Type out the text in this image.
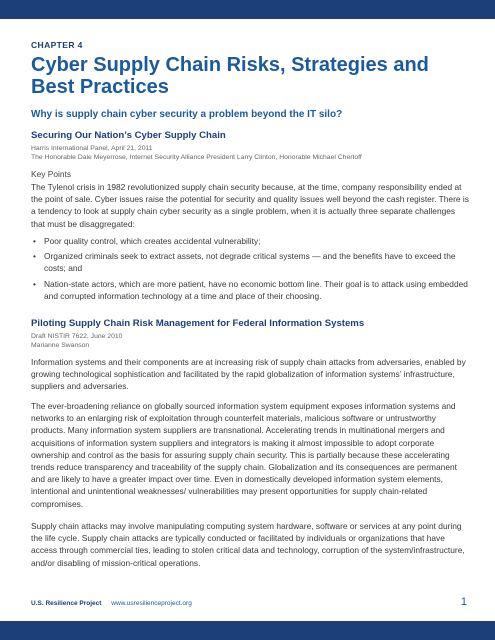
CHAPTER 4
Cyber Supply Chain Risks, Strategies and Best Practices
Why is supply chain cyber security a problem beyond the IT silo?
Securing Our Nation’s Cyber Supply Chain
Harris International Panel, April 21, 2011
The Honorable Dale Meyerrose, Internet Security Alliance President Larry Clinton, Honorable Michael Chertoff
Key Points

The Tylenol crisis in 1982 revolutionized supply chain security because, at the time, company responsibility ended at the point of sale. Cyber issues raise the potential for security and quality issues well beyond the cash register. There is a tendency to look at supply chain cyber security as a single problem, when it is actually three separate challenges that must be disaggregated:

• Poor quality control, which creates accidental vulnerability;
• Organized criminals seek to extract assets, not degrade critical systems — and the benefits have to exceed the costs; and
• Nation-state actors, which are more patient, have no economic bottom line. Their goal is to attack using embedded and corrupted information technology at a time and place of their choosing.
Piloting Supply Chain Risk Management for Federal Information Systems
Draft NISTIR 7622, June 2010
Marianne Swanson

Information systems and their components are at increasing risk of supply chain attacks from adversaries, enabled by growing technological sophistication and facilitated by the rapid globalization of information systems’ infrastructure, suppliers and adversaries.

The ever-broadening reliance on globally sourced information system equipment exposes information systems and networks to an enlarging risk of exploitation through counterfeit materials, malicious software or untrustworthy products. Many information system suppliers are transnational. Accelerating trends in multinational mergers and acquisitions of information system suppliers and integrators is making it almost impossible to adopt corporate ownership and control as the basis for assuring supply chain security. This is partially because these accelerating trends reduce transparency and traceability of the supply chain. Globalization and its consequences are permanent and are likely to have a greater impact over time. Even in domestically developed information system elements, intentional and unintentional weaknesses/ vulnerabilities may present opportunities for supply chain-related compromises.

Supply chain attacks may involve manipulating computing system hardware, software or services at any point during the life cycle. Supply chain attacks are typically conducted or facilitated by individuals or organizations that have access through commercial ties, leading to stolen critical data and technology, corruption of the system/infrastructure, and/or disabling of mission-critical operations.

U.S. Resilience Project www.usresilienceproject.org	1
